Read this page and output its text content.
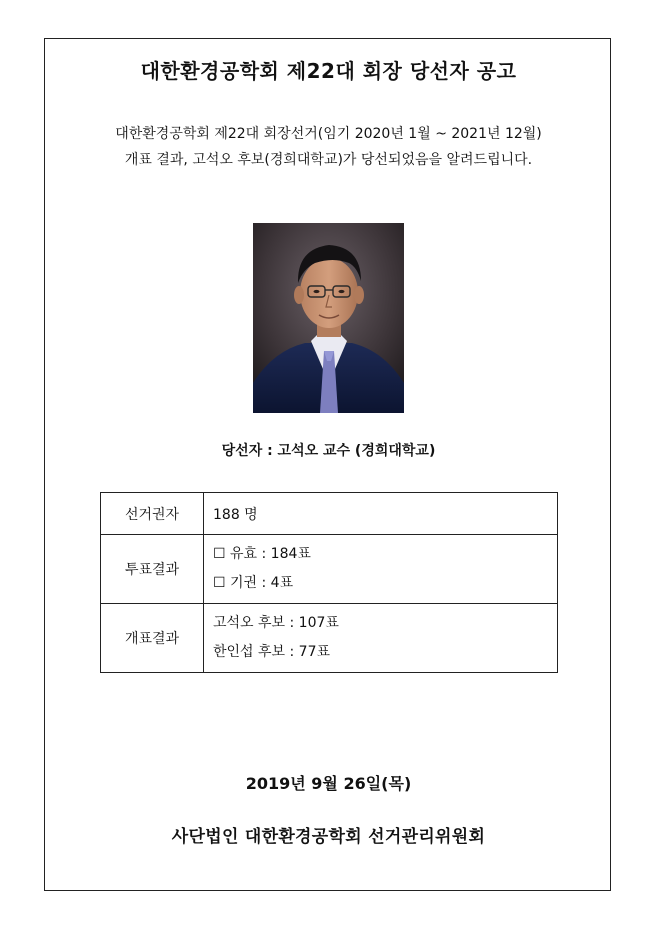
대한환경공학회 제22대 회장 당선자 공고
대한환경공학회 제22대 회장선거(임기 2020년 1월 ~ 2021년 12월)
개표 결과, 고석오 후보(경희대학교)가 당선되었음을 알려드립니다.
당선자 : 고석오 교수 (경희대학교)
선거권자	188 명
투표결과	☐ 유효 : 184표
☐ 기권 : 4표

개표결과	고석오 후보 : 107표
한인섭 후보 : 77표
2019년 9월 26일(목)
사단법인 대한환경공학회 선거관리위원회
